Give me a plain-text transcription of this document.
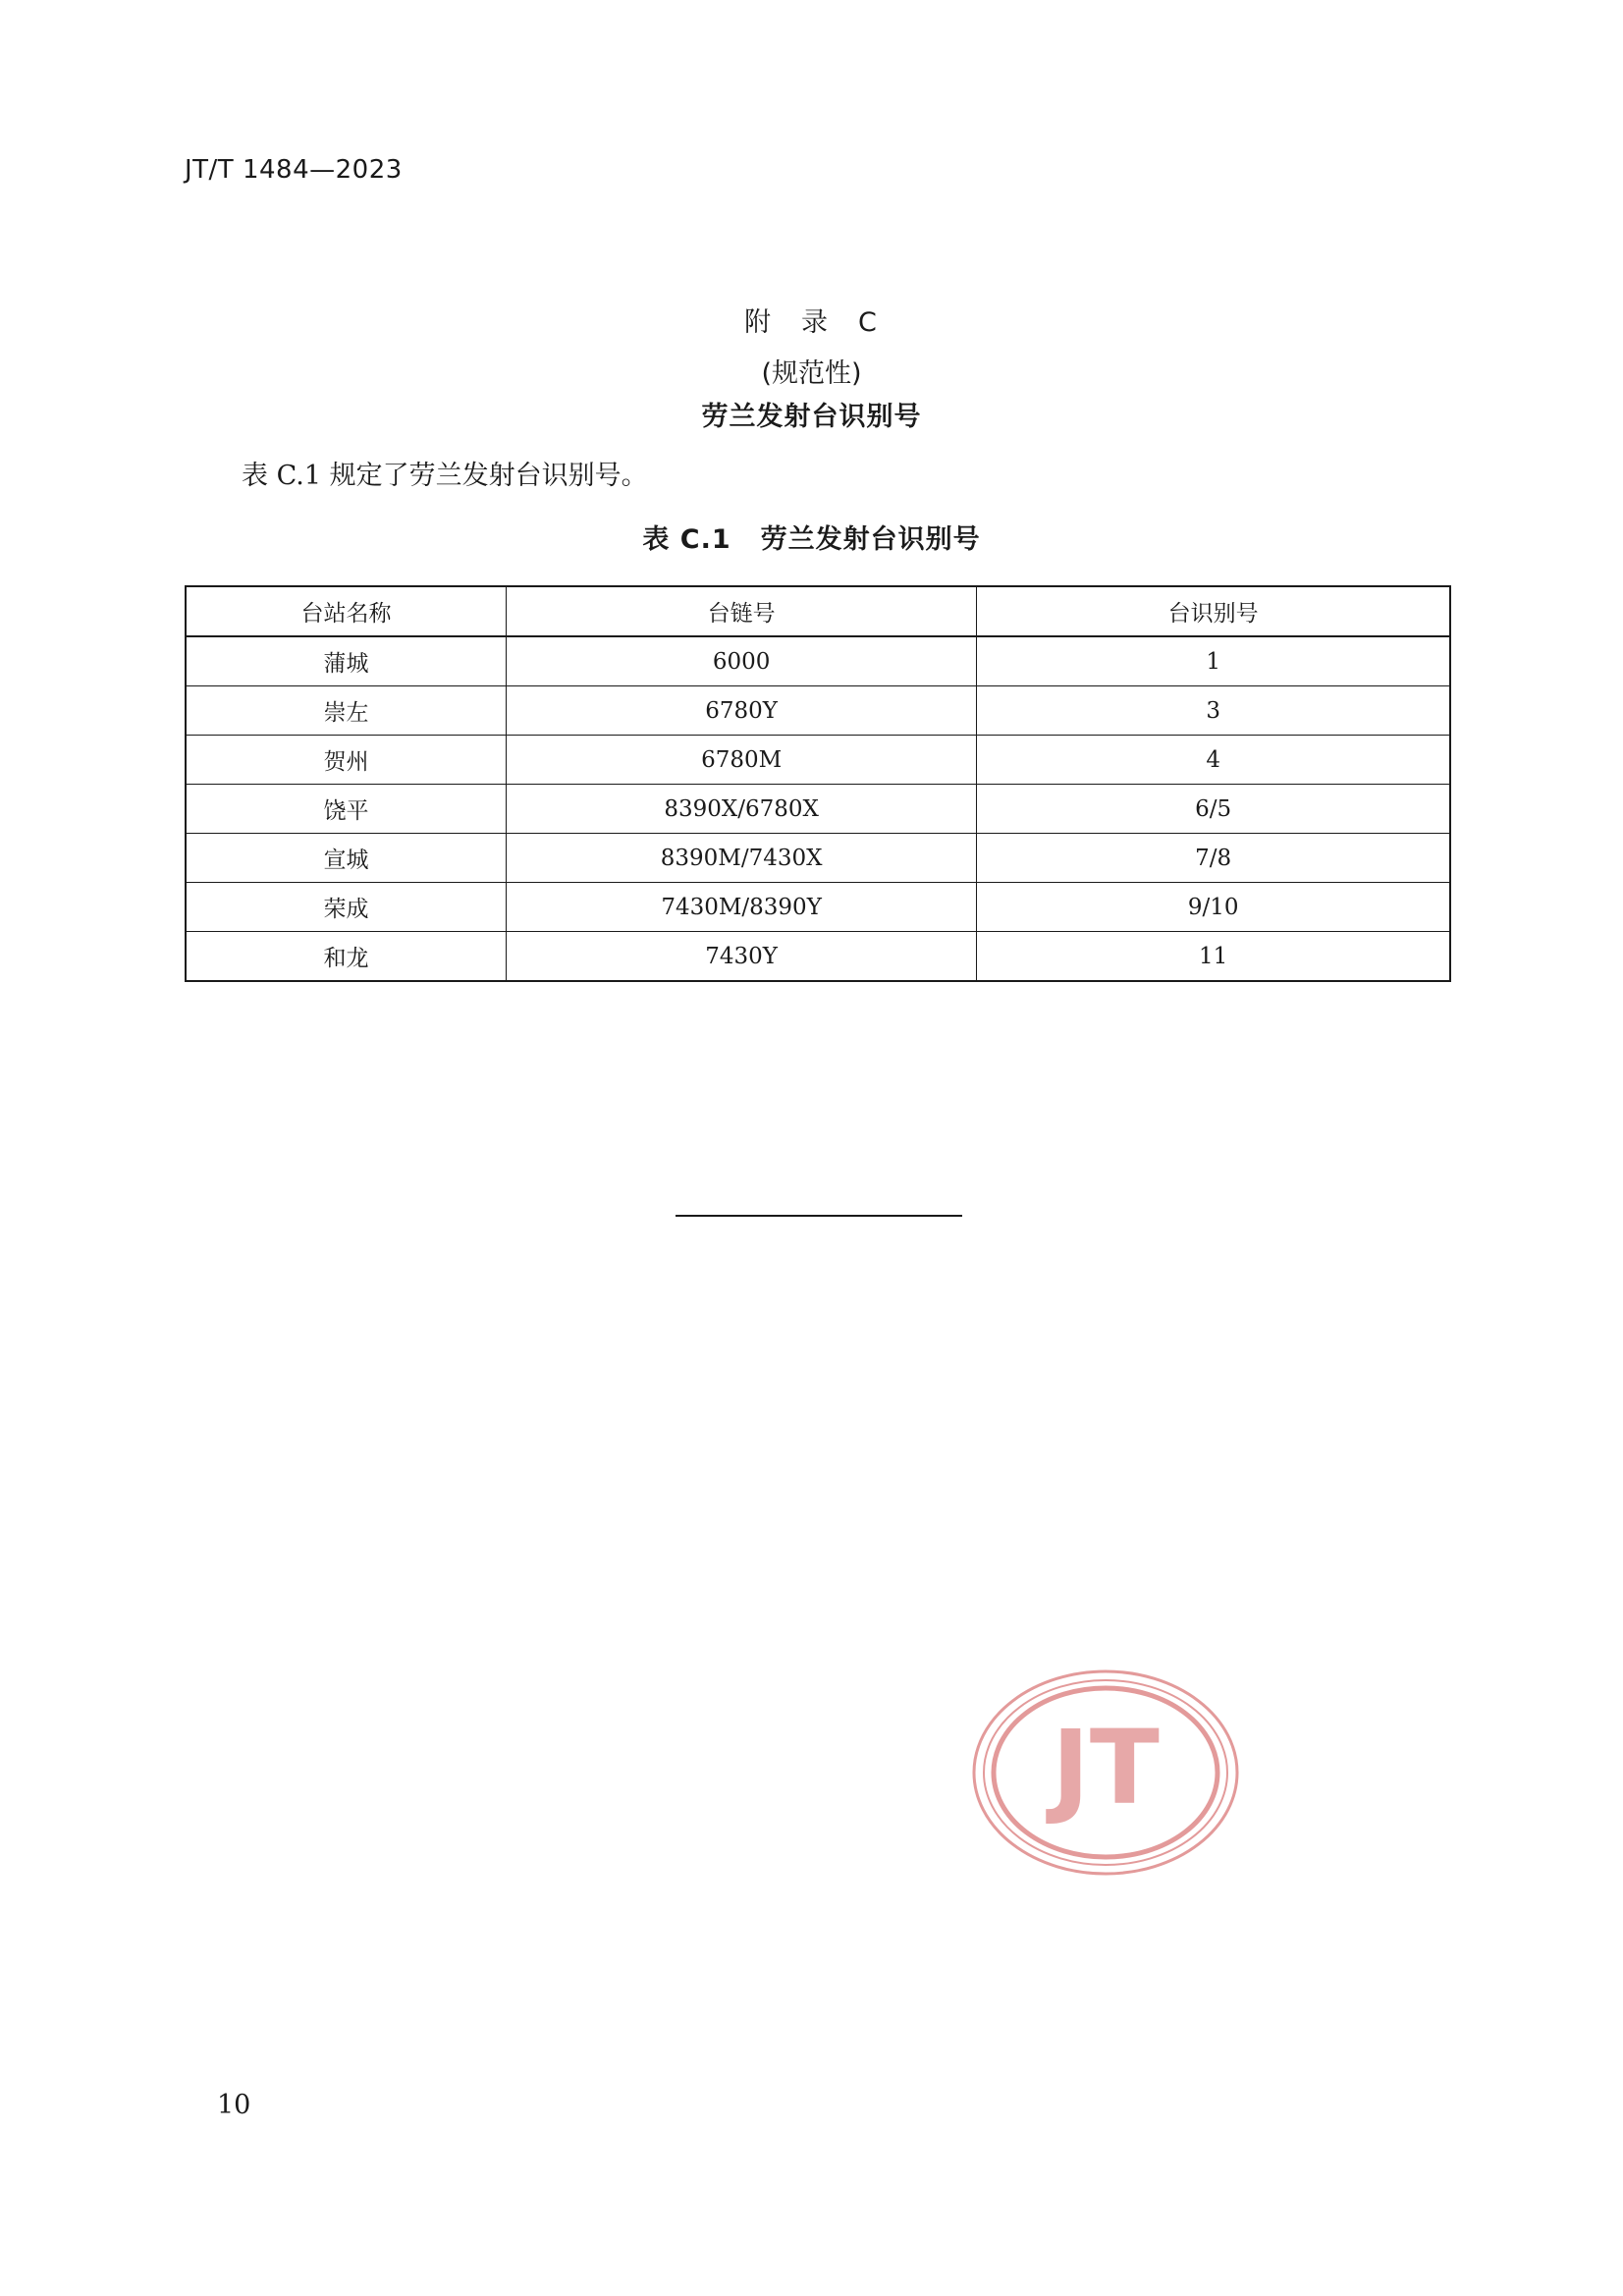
JT/T 1484—2023
附　录　C
(规范性)
劳兰发射台识别号
表 C.1 规定了劳兰发射台识别号。
表 C.1 劳兰发射台识别号
台站名称	台链号	台识别号
蒲城	6000	1
崇左	6780Y	3
贺州	6780M	4
饶平	8390X/6780X	6/5
宣城	8390M/7430X	7/8
荣成	7430M/8390Y	9/10
和龙	7430Y	11
JT
10
